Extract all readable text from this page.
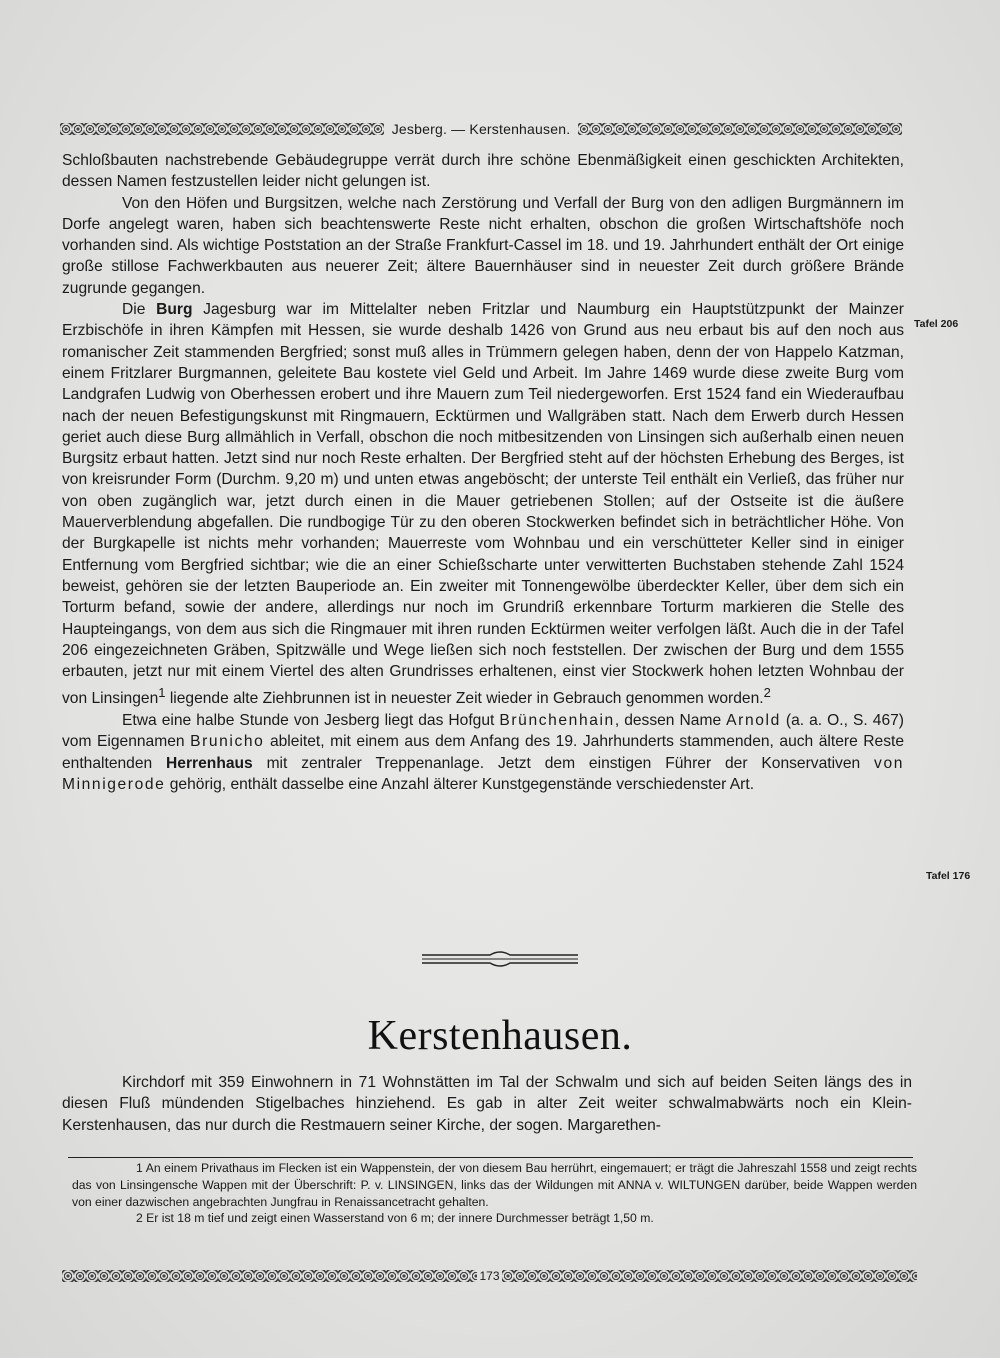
Jesberg. — Kerstenhausen.

Schloßbauten nachstrebende Gebäudegruppe verrät durch ihre schöne Ebenmäßigkeit einen geschickten Architekten, dessen Namen festzustellen leider nicht gelungen ist.

Von den Höfen und Burgsitzen, welche nach Zerstörung und Verfall der Burg von den adligen Burgmännern im Dorfe angelegt waren, haben sich beachtenswerte Reste nicht erhalten, obschon die großen Wirtschaftshöfe noch vorhanden sind. Als wichtige Poststation an der Straße Frankfurt-Cassel im 18. und 19. Jahrhundert enthält der Ort einige große stillose Fachwerkbauten aus neuerer Zeit; ältere Bauernhäuser sind in neuester Zeit durch größere Brände zugrunde gegangen.

Die Burg Jagesburg war im Mittelalter neben Fritzlar und Naumburg ein Hauptstützpunkt der Mainzer Erzbischöfe in ihren Kämpfen mit Hessen, sie wurde deshalb 1426 von Grund aus neu erbaut bis auf den noch aus romanischer Zeit stammenden Bergfried; sonst muß alles in Trümmern gelegen haben, denn der von Happelo Katzman, einem Fritzlarer Burgmannen, geleitete Bau kostete viel Geld und Arbeit. Im Jahre 1469 wurde diese zweite Burg vom Landgrafen Ludwig von Oberhessen erobert und ihre Mauern zum Teil niedergeworfen. Erst 1524 fand ein Wiederaufbau nach der neuen Befestigungskunst mit Ringmauern, Ecktürmen und Wallgräben statt. Nach dem Erwerb durch Hessen geriet auch diese Burg allmählich in Verfall, obschon die noch mitbesitzenden von Linsingen sich außerhalb einen neuen Burgsitz erbaut hatten. Jetzt sind nur noch Reste erhalten. Der Bergfried steht auf der höchsten Erhebung des Berges, ist von kreisrunder Form (Durchm. 9,20 m) und unten etwas angeböscht; der unterste Teil enthält ein Verließ, das früher nur von oben zugänglich war, jetzt durch einen in die Mauer getriebenen Stollen; auf der Ostseite ist die äußere Mauerverblendung abgefallen. Die rundbogige Tür zu den oberen Stockwerken befindet sich in beträchtlicher Höhe. Von der Burgkapelle ist nichts mehr vorhanden; Mauerreste vom Wohnbau und ein verschütteter Keller sind in einiger Entfernung vom Bergfried sichtbar; wie die an einer Schießscharte unter verwitterten Buchstaben stehende Zahl 1524 beweist, gehören sie der letzten Bauperiode an. Ein zweiter mit Tonnengewölbe überdeckter Keller, über dem sich ein Torturm befand, sowie der andere, allerdings nur noch im Grundriß erkennbare Torturm markieren die Stelle des Haupteingangs, von dem aus sich die Ringmauer mit ihren runden Ecktürmen weiter verfolgen läßt. Auch die in der Tafel 206 eingezeichneten Gräben, Spitzwälle und Wege ließen sich noch feststellen. Der zwischen der Burg und dem 1555 erbauten, jetzt nur mit einem Viertel des alten Grundrisses erhaltenen, einst vier Stockwerk hohen letzten Wohnbau der von Linsingen$^1$ liegende alte Ziehbrunnen ist in neuester Zeit wieder in Gebrauch genommen worden.$^2$

Etwa eine halbe Stunde von Jesberg liegt das Hofgut Brünchenhain, dessen Name Arnold (a. a. O., S. 467) vom Eigennamen Brunicho ableitet, mit einem aus dem Anfang des 19. Jahrhunderts stammenden, auch ältere Reste enthaltenden Herrenhaus mit zentraler Treppenanlage. Jetzt dem einstigen Führer der Konservativen von Minnigerode gehörig, enthält dasselbe eine Anzahl älterer Kunstgegenstände verschiedenster Art.

Tafel 206
Tafel 176
Kerstenhausen.

Kirchdorf mit 359 Einwohnern in 71 Wohnstätten im Tal der Schwalm und sich auf beiden Seiten längs des in diesen Fluß mündenden Stigelbaches hinziehend. Es gab in alter Zeit weiter schwalmabwärts noch ein Klein-Kerstenhausen, das nur durch die Restmauern seiner Kirche, der sogen. Margarethen-

1 An einem Privathaus im Flecken ist ein Wappenstein, der von diesem Bau herrührt, eingemauert; er trägt die Jahreszahl 1558 und zeigt rechts das von Linsingensche Wappen mit der Überschrift: P. v. LINSINGEN, links das der Wildungen mit ANNA v. WILTUNGEN darüber, beide Wappen werden von einer dazwischen angebrachten Jungfrau in Renaissancetracht gehalten.

2 Er ist 18 m tief und zeigt einen Wasserstand von 6 m; der innere Durchmesser beträgt 1,50 m.

173
